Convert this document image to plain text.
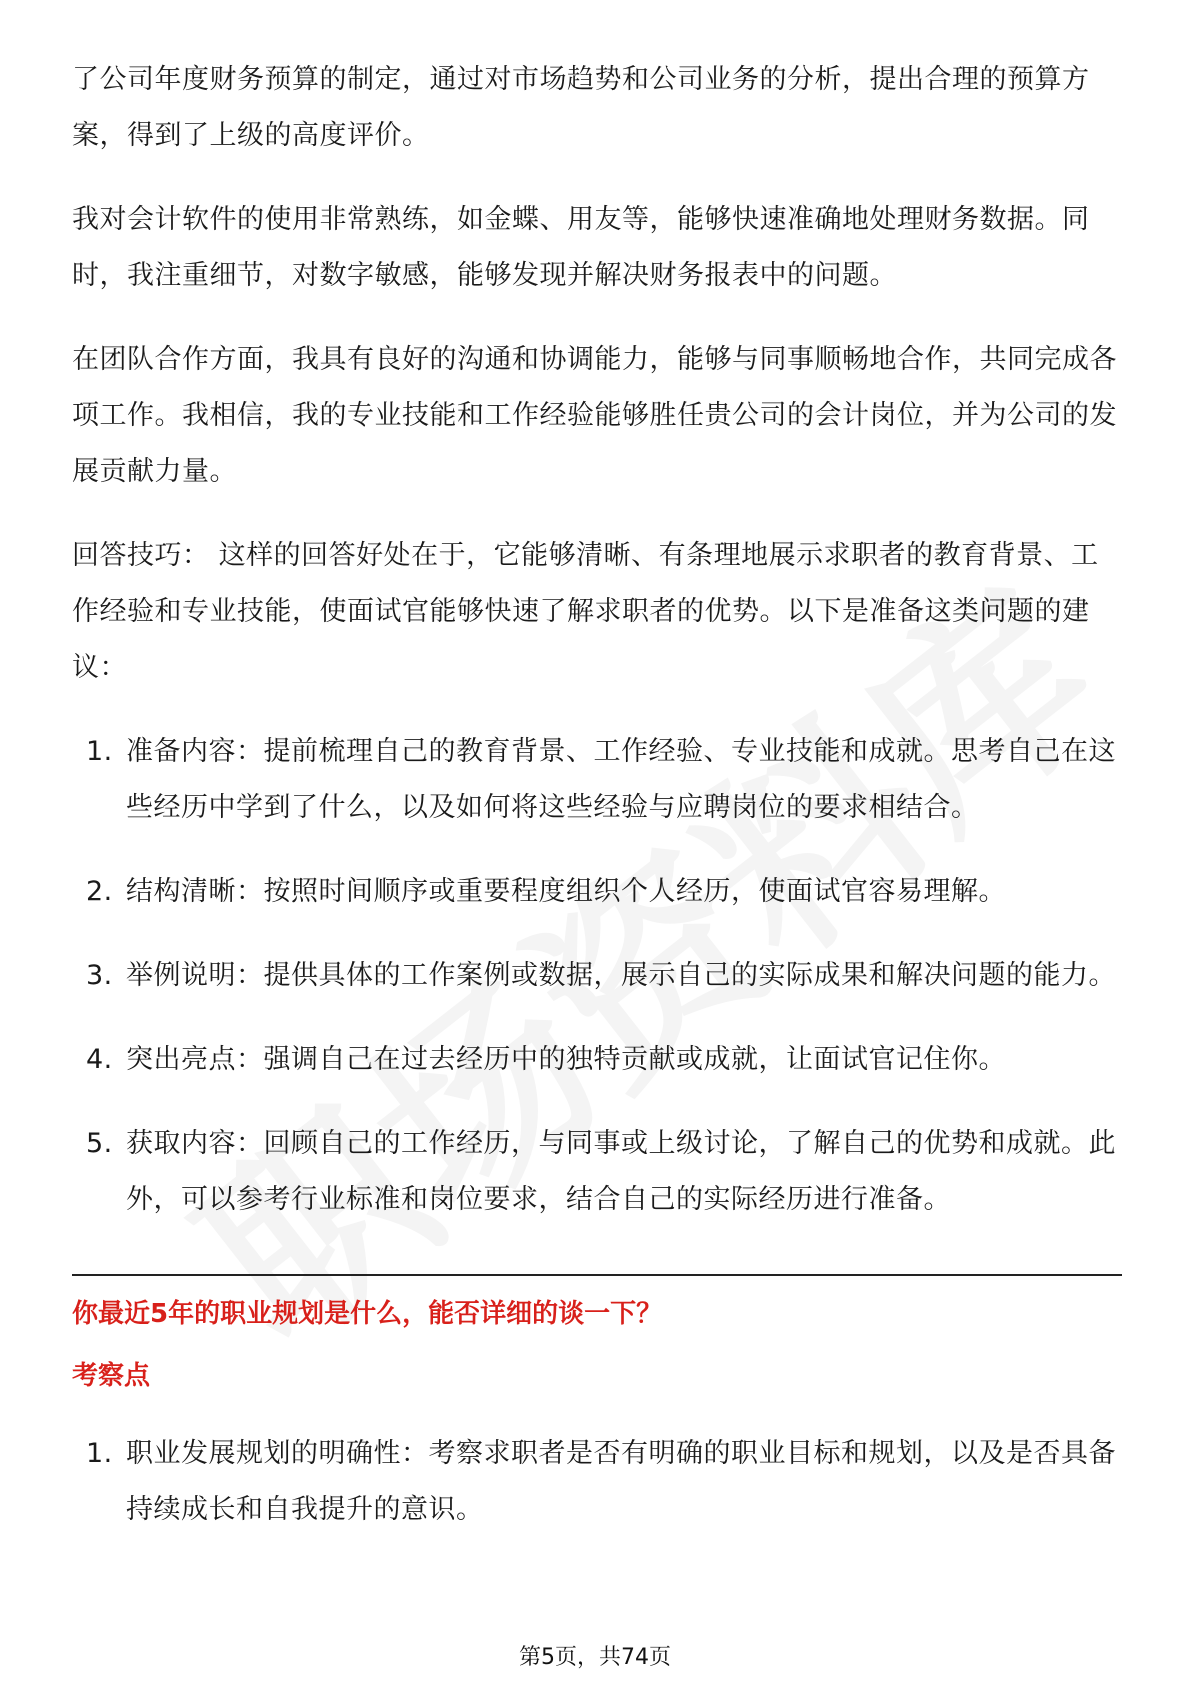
了公司年度财务预算的制定，通过对市场趋势和公司业务的分析，提出合理的预算方案，得到了上级的高度评价。

我对会计软件的使用非常熟练，如金蝶、用友等，能够快速准确地处理财务数据。同时，我注重细节，对数字敏感，能够发现并解决财务报表中的问题。

在团队合作方面，我具有良好的沟通和协调能力，能够与同事顺畅地合作，共同完成各项工作。我相信，我的专业技能和工作经验能够胜任贵公司的会计岗位，并为公司的发展贡献力量。

回答技巧： 这样的回答好处在于，它能够清晰、有条理地展示求职者的教育背景、工作经验和专业技能，使面试官能够快速了解求职者的优势。以下是准备这类问题的建议：

1. 准备内容：提前梳理自己的教育背景、工作经验、专业技能和成就。思考自己在这些经历中学到了什么，以及如何将这些经验与应聘岗位的要求相结合。
2. 结构清晰：按照时间顺序或重要程度组织个人经历，使面试官容易理解。
3. 举例说明：提供具体的工作案例或数据，展示自己的实际成果和解决问题的能力。
4. 突出亮点：强调自己在过去经历中的独特贡献或成就，让面试官记住你。
5. 获取内容：回顾自己的工作经历，与同事或上级讨论，了解自己的优势和成就。此外，可以参考行业标准和岗位要求，结合自己的实际经历进行准备。
你最近5年的职业规划是什么，能否详细的谈一下？
考察点
1. 职业发展规划的明确性：考察求职者是否有明确的职业目标和规划，以及是否具备持续成长和自我提升的意识。
第5页，共74页
